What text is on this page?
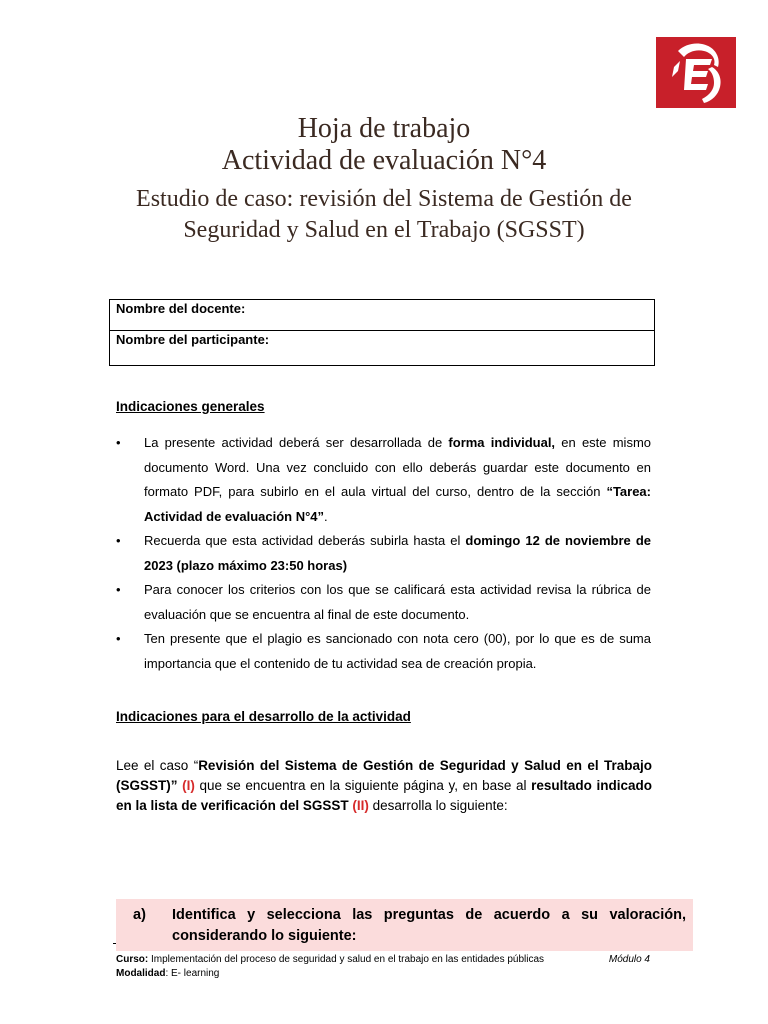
Hoja de trabajo
Actividad de evaluación N°4
Estudio de caso: revisión del Sistema de Gestión de
Seguridad y Salud en el Trabajo (SGSST)
Nombre del docente:
Nombre del participante:
Indicaciones generales
•	La presente actividad deberá ser desarrollada de forma individual, en este mismo documento Word. Una vez concluido con ello deberás guardar este documento en formato PDF, para subirlo en el aula virtual del curso, dentro de la sección “Tarea: Actividad de evaluación N°4”.
•	Recuerda que esta actividad deberás subirla hasta el domingo 12 de noviembre de 2023 (plazo máximo 23:50 horas)
•	Para conocer los criterios con los que se calificará esta actividad revisa la rúbrica de evaluación que se encuentra al final de este documento.
•	Ten presente que el plagio es sancionado con nota cero (00), por lo que es de suma importancia que el contenido de tu actividad sea de creación propia.
Indicaciones para el desarrollo de la actividad
Lee el caso “Revisión del Sistema de Gestión de Seguridad y Salud en el Trabajo (SGSST)” (I) que se encuentra en la siguiente página y, en base al resultado indicado en la lista de verificación del SGSST (II) desarrolla lo siguiente:
a) Identifica y selecciona las preguntas de acuerdo a su valoración, considerando lo siguiente:
Curso: Implementación del proceso de seguridad y salud en el trabajo en las entidades públicas
Modalidad: E- learning
Módulo 4
